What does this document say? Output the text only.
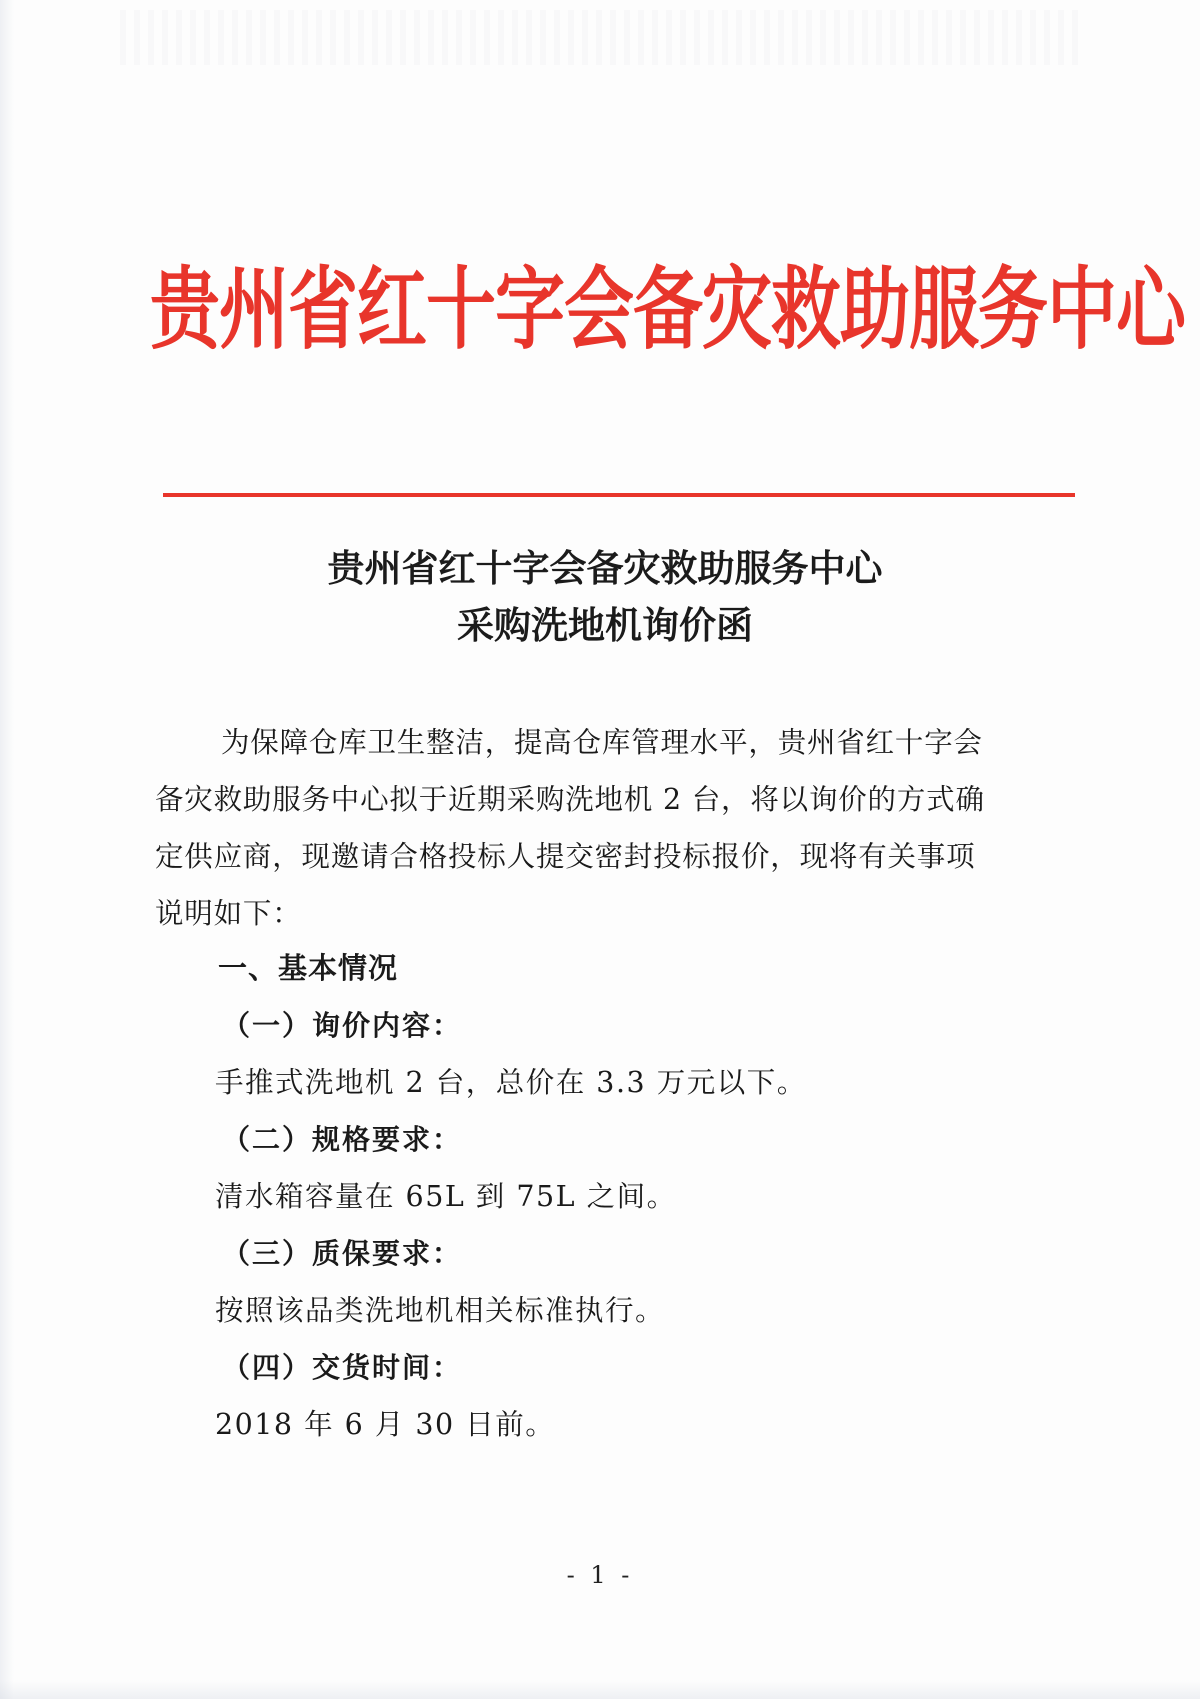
贵州省红十字会备灾救助服务中心
贵州省红十字会备灾救助服务中心
采购洗地机询价函

为保障仓库卫生整洁，提高仓库管理水平，贵州省红十字会
备灾救助服务中心拟于近期采购洗地机 2 台，将以询价的方式确
定供应商，现邀请合格投标人提交密封投标报价，现将有关事项
说明如下：

一、基本情况

（一）询价内容：

手推式洗地机 2 台，总价在 3.3 万元以下。

（二）规格要求：

清水箱容量在 65L 到 75L 之间。

（三）质保要求：

按照该品类洗地机相关标准执行。

（四）交货时间：

2018 年 6 月 30 日前。

- 1 -
